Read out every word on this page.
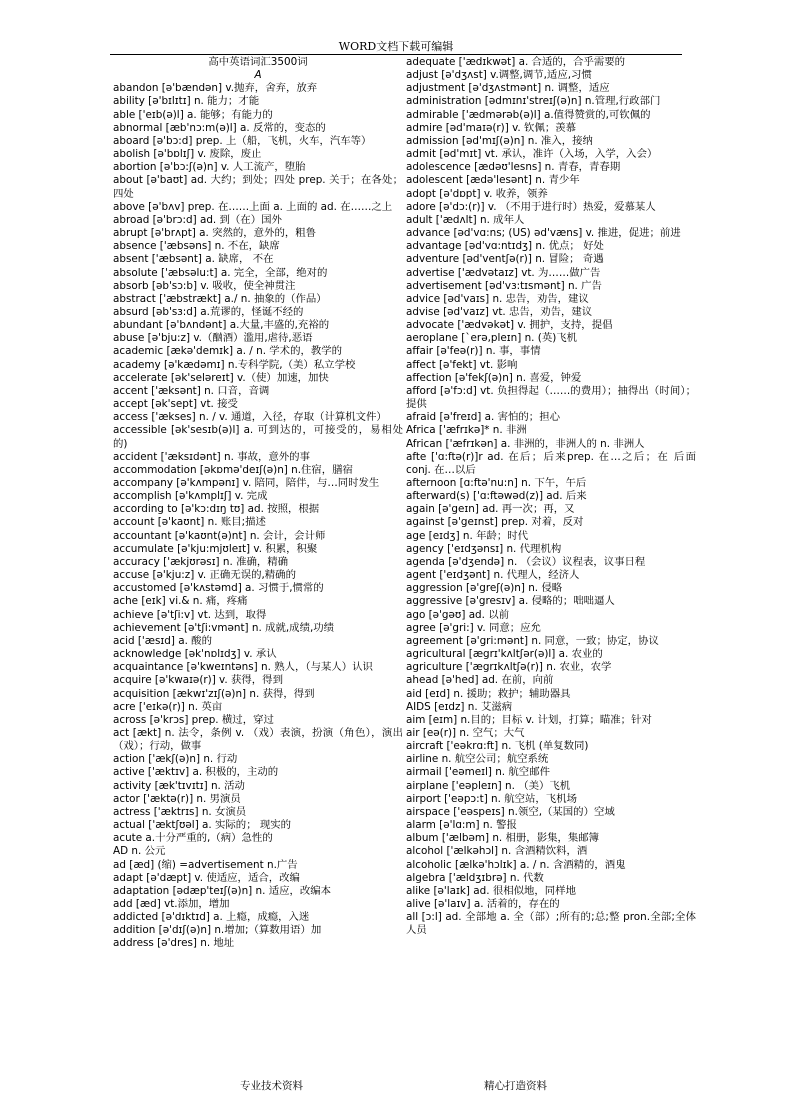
WORD文档下载可编辑
高中英语词汇3500词
A

abandon [ə'bændən] v.抛弃，舍弃，放弃

ability [ə'bɪlɪtɪ] n. 能力；才能

able ['eɪb(ə)l] a. 能够；有能力的

abnormal [æb'nɔ:m(ə)l] a. 反常的，变态的

aboard [ə'bɔ:d] prep. 上（船，飞机，火车，汽车等）

abolish [ə'bɒlɪʃ] v. 废除，废止

abortion [ə'bɔ:ʃ(ə)n] v. 人工流产，堕胎

about [ə'baʊt] ad. 大约；到处；四处 prep. 关于；在各处；四处

above [ə'bʌv] prep. 在……上面 a. 上面的 ad. 在……之上

abroad [ə'brɔ:d] ad. 到（在）国外

abrupt [ə'brʌpt] a. 突然的，意外的，粗鲁

absence ['æbsəns] n. 不在，缺席

absent ['æbsənt] a. 缺席， 不在

absolute ['æbsəlu:t] a. 完全，全部，绝对的

absorb [əb'sɔ:b] v. 吸收，使全神贯注

abstract ['æbstrækt] a./ n. 抽象的（作品）

absurd [əb'sɜ:d] a.荒谬的，怪诞不经的

abundant [ə'bʌndənt] a.大量,丰盛的,充裕的

abuse [ə'bju:z] v.（酗酒）滥用,虐待,恶语

academic [ækə'demɪk] a. / n. 学术的，教学的

academy [ə'kædəmɪ] n.专科学院,（美）私立学校

accelerate [ək'seləreɪt] v.（使）加速，加快

accent ['æksənt] n. 口音，音调

accept [ək'sept] vt. 接受

access ['ækses] n. / v. 通道，入径，存取（计算机文件）

accessible [ək'sesɪb(ə)l] a. 可到达的，可接受的，易相处的)

accident ['æksɪdənt] n. 事故，意外的事

accommodation [əkɒmə'deɪʃ(ə)n] n.住宿，膳宿

accompany [ə'kʌmpənɪ] v. 陪同，陪伴，与…同时发生

accomplish [ə'kʌmplɪʃ] v. 完成

according to [ə'kɔ:dɪŋ tʊ] ad. 按照，根据

account [ə'kaʊnt] n. 账目;描述

accountant [ə'kaʊnt(ə)nt] n. 会计，会计师

accumulate [ə'kju:mjʊleɪt] v. 积累，积聚

accuracy ['ækjʊrəsɪ] n. 准确，精确

accuse [ə'kju:z] v. 正确无误的,精确的

accustomed [ə'kʌstəmd] a. 习惯于,惯常的

ache [eɪk] vi.& n. 痛，疼痛

achieve [ə'tʃi:v] vt. 达到，取得

achievement [ə'tʃi:vmənt] n. 成就,成绩,功绩

acid ['æsɪd] a. 酸的

acknowledge [ək'nɒlɪdʒ] v. 承认

acquaintance [ə'kweɪntəns] n. 熟人，（与某人）认识

acquire [ə'kwaɪə(r)] v. 获得，得到

acquisition [ækwɪ'zɪʃ(ə)n] n. 获得，得到

acre ['eɪkə(r)] n. 英亩

across [ə'krɔs] prep. 横过，穿过

act [ækt] n. 法令，条例 v. （戏）表演，扮演（角色），演出（戏）；行动，做事

action ['ækʃ(ə)n] n. 行动

active ['æktɪv] a. 积极的，主动的

activity [æk'tɪvɪtɪ] n. 活动

actor ['æktə(r)] n. 男演员

actress ['æktrɪs] n. 女演员

actual ['æktʃʊəl] a. 实际的； 现实的

acute a.十分严重的,（病）急性的

AD n. 公元

ad [æd] (缩) =advertisement n.广告

adapt [ə'dæpt] v. 使适应，适合，改编

adaptation [ədæp'teɪʃ(ə)n] n. 适应，改编本

add [æd] vt.添加，增加

addicted [ə'dɪktɪd] a. 上瘾，成瘾，入迷

addition [ə'dɪʃ(ə)n] n.增加;（算数用语）加

address [ə'dres] n. 地址

adequate ['ædɪkwət] a. 合适的，合乎需要的

adjust [ə'dʒʌst] v.调整,调节,适应,习惯

adjustment [ə'dʒʌstmənt] n. 调整，适应

administration [ədmɪnɪ'streɪʃ(ə)n] n.管理,行政部门

admirable ['ædmərəb(ə)l] a.值得赞赏的,可钦佩的

admire [əd'maɪə(r)] v. 钦佩；羡慕

admission [əd'mɪʃ(ə)n] n. 准入，接纳

admit [əd'mɪt] vt. 承认，准许（入场，入学，入会）

adolescence [ædəʊ'lesns] n. 青春，青春期

adolescent [ædə'lesənt] n. 青少年

adopt [ə'dɒpt] v. 收养，领养

adore [ə'dɔ:(r)] v. （不用于进行时）热爱，爱慕某人

adult ['ædʌlt] n. 成年人

advance [əd'vɑ:ns; (US) əd'væns] v. 推进，促进；前进

advantage [əd'vɑ:ntɪdʒ] n. 优点； 好处

adventure [əd'ventʃə(r)] n. 冒险； 奇遇

advertise ['ædvətaɪz] vt. 为……做广告

advertisement [əd'vɜ:tɪsmənt] n. 广告

advice [əd'vaɪs] n. 忠告，劝告，建议

advise [əd'vaɪz] vt. 忠告，劝告，建议

advocate ['ædvəkət] v. 拥护，支持，提倡

aeroplane [`erə,pleɪn] n. (英)飞机

affair [ə'feə(r)] n. 事，事情

affect [ə'fekt] vt. 影响

affection [ə'fekʃ(ə)n] n. 喜爱，钟爱

afford [ə'fɔ:d] vt. 负担得起（……的费用）；抽得出（时间）；提供

afraid [ə'freɪd] a. 害怕的；担心

Africa ['æfrɪkə]* n. 非洲

African ['æfrɪkən] a. 非洲的，非洲人的 n. 非洲人

afte ['ɑ:ftə(r)]r ad. 在后；后来prep. 在…之后；在 后面 conj. 在…以后

afternoon [ɑ:ftə'nu:n] n. 下午，午后

afterward(s) ['ɑ:ftəwəd(z)] ad. 后来

again [ə'geɪn] ad. 再一次；再，又

against [ə'geɪnst] prep. 对着，反对

age [eɪdʒ] n. 年龄；时代

agency ['eɪdʒənsɪ] n. 代理机构

agenda [ə'dʒendə] n. （会议）议程表，议事日程

agent ['eɪdʒənt] n. 代理人，经济人

aggression [ə'greʃ(ə)n] n. 侵略

aggressive [ə'gresɪv] a. 侵略的；咄咄逼人

ago [ə'gəʊ] ad. 以前

agree [ə'gri:] v. 同意；应允

agreement [ə'gri:mənt] n. 同意，一致；协定，协议

agricultural [ægrɪ'kʌltʃər(ə)l] a. 农业的

agriculture ['ægrɪkʌltʃə(r)] n. 农业，农学

ahead [ə'hed] ad. 在前，向前

aid [eɪd] n. 援助；救护；辅助器具

AIDS [eɪdz] n. 艾滋病

aim [eɪm] n.目的；目标 v. 计划，打算；瞄准；针对

air [eə(r)] n. 空气；大气

aircraft ['eəkrɑ:ft] n. 飞机 (单复数同)

airline n. 航空公司；航空系统

airmail ['eəmeɪl] n. 航空邮件

airplane ['eəpleɪn] n. （美）飞机

airport ['eəpɔ:t] n. 航空站，飞机场

airspace ['eəspeɪs] n.领空,（某国的）空域

alarm [ə'lɑ:m] n. 警报

album ['ælbəm] n. 相册，影集，集邮簿

alcohol ['ælkəhɔl] n. 含酒精饮料，酒

alcoholic [ælkə'hɔlɪk] a. / n. 含酒精的，酒鬼

algebra ['ældʒɪbrə] n. 代数

alike [ə'laɪk] ad. 很相似地，同样地

alive [ə'laɪv] a. 活着的，存在的

all [ɔ:l] ad. 全部地 a. 全（部）;所有的;总;整 pron.全部;全体人员

专业技术资料	精心打造资料
